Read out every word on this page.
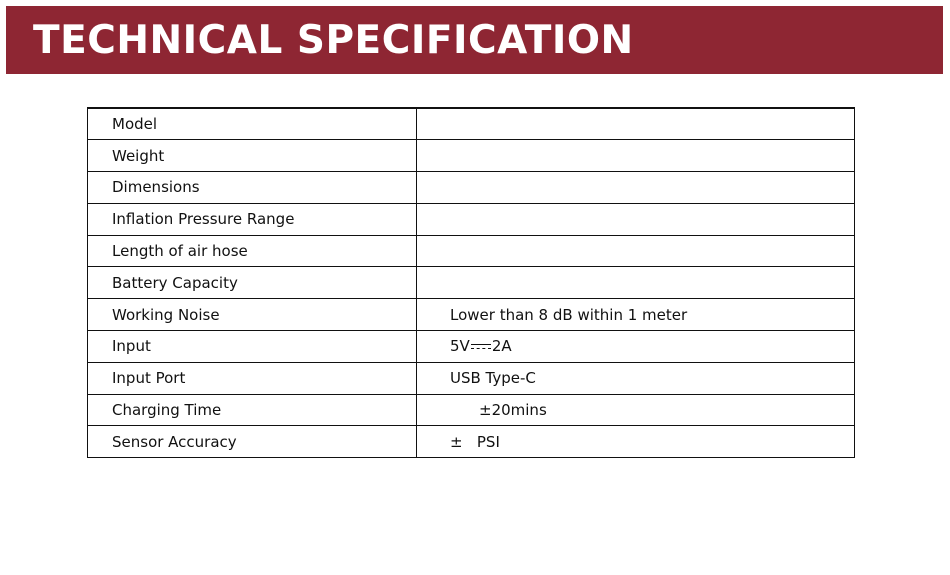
TECHNICAL SPECIFICATION
Model	
Weight	
Dimensions	
Inflation Pressure Range	
Length of air hose	
Battery Capacity	
Working Noise	Lower than 8 dB within 1 meter
Input	5V 2A
Input Port	USB Type-C
Charging Time	±20mins
Sensor Accuracy	±   PSI
